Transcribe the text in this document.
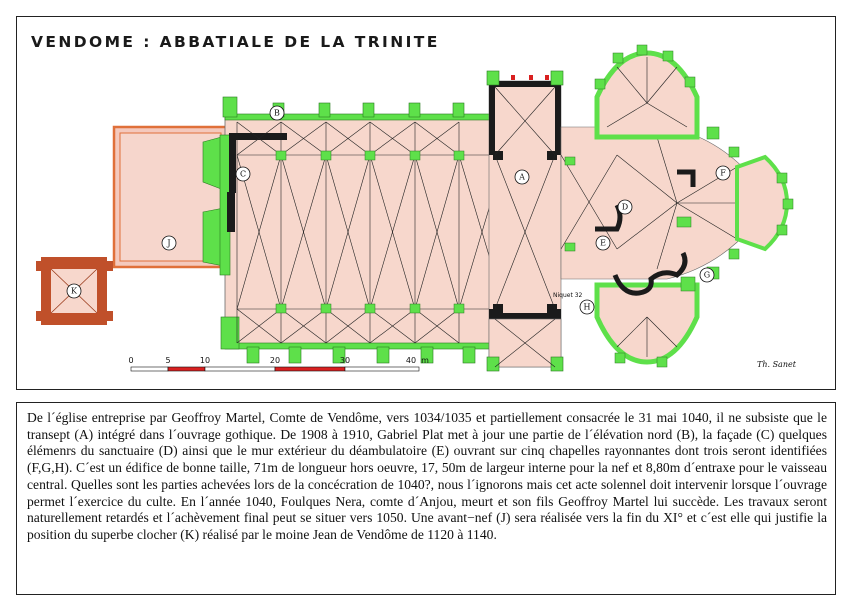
VENDOME : ABBATIALE DE LA TRINITE
0	5	10	20	30	40 m	Th. Sanet
Niquet 32
A
B
C
D
E
F
G
H
J
K

De l´église entreprise par Geoffroy Martel, Comte de Vendôme, vers 1034/1035 et partiellement consacrée le 31 mai 1040, il ne subsiste que le transept (A) intégré dans l´ouvrage gothique. De 1908 à 1910, Gabriel Plat met à jour une partie de l´élévation nord (B), la façade (C) quelques élémenrs du sanctuaire (D) ainsi que le mur extérieur du déambulatoire (E) ouvrant sur cinq chapelles rayonnantes dont trois seront identifiées (F,G,H). C´est un édifice de bonne taille, 71m de longueur hors oeuvre, 17, 50m de largeur interne pour la nef et 8,80m d´entraxe pour le vaisseau central. Quelles sont les parties achevées lors de la concécration de 1040?, nous l´ignorons mais cet acte solennel doit intervenir lorsque l´ouvrage permet l´exercice du culte. En l´année 1040, Foulques Nera, comte d´Anjou, meurt et son fils Geoffroy Martel lui succède. Les travaux seront naturellement retardés et l´achèvement final peut se situer vers 1050. Une avant−nef (J) sera réalisée vers la fin du XI° et c´est elle qui justifie la position du superbe clocher (K) réalisé par le moine Jean de Vendôme de 1120 à 1140.
